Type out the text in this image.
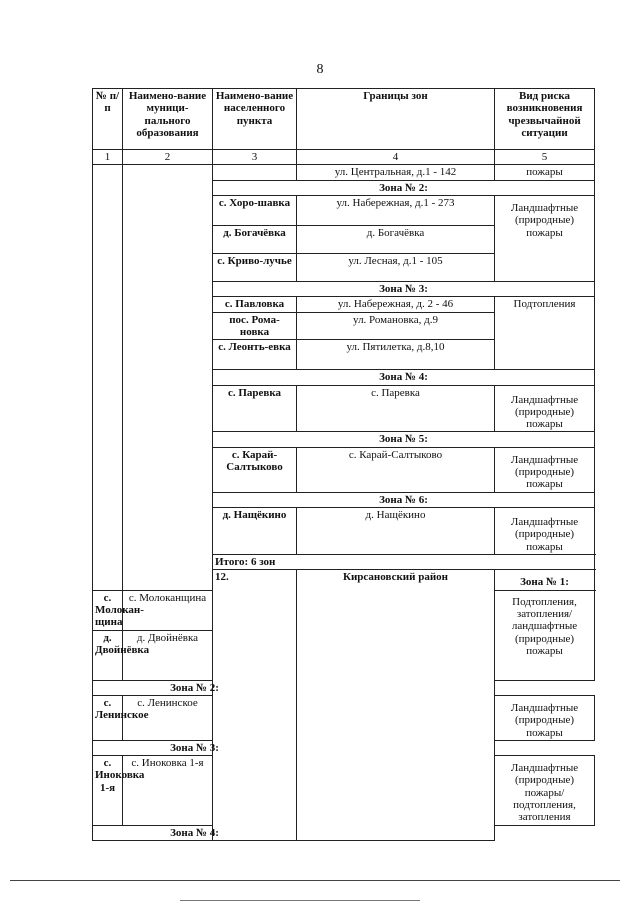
8
№ п/п	Наимено-вание муници-пального образования	Наимено-вание населенного пункта	Границы зон	Вид риска возникновения чрезвычайной ситуации
1	2	3	4	5
			ул. Центральная, д.1 - 142	пожары
		Зона № 2:		
		с. Хоро-шавка	ул. Набережная, д.1 - 273	Ландшафтные (природные) пожары
		д. Богачёвка	д. Богачёвка	
		с. Криво-лучье	ул. Лесная, д.1 - 105	
		Зона № 3:		
		с. Павловка	ул. Набережная, д. 2 - 46	Подтопления
		пос. Рома-новка	ул. Романовка, д.9	
		с. Леонть-евка	ул. Пятилетка, д.8,10	
		Зона № 4:		
		с. Паревка	с. Паревка	Ландшафтные (природные) пожары
		Зона № 5:		
		с. Карай-Салтыково	с. Карай-Салтыково	Ландшафтные (природные) пожары
		Зона № 6:		
		д. Нащёкино	д. Нащёкино	Ландшафтные (природные) пожары
		Итого: 6 зон		
		12.	Кирсановский район	Зона № 1:
с. Молокан-щина	с. Молоканщина			Подтопления, затопления/ ландшафтные (природные) пожары
д. Двойнёвка	д. Двойнёвка			
Зона № 2:				
с. Ленинское	с. Ленинское			Ландшафтные (природные) пожары
Зона № 3:				
с. Иноковка 1-я	с. Иноковка 1-я			Ландшафтные (природные) пожары/ подтопления, затопления
Зона № 4:				
